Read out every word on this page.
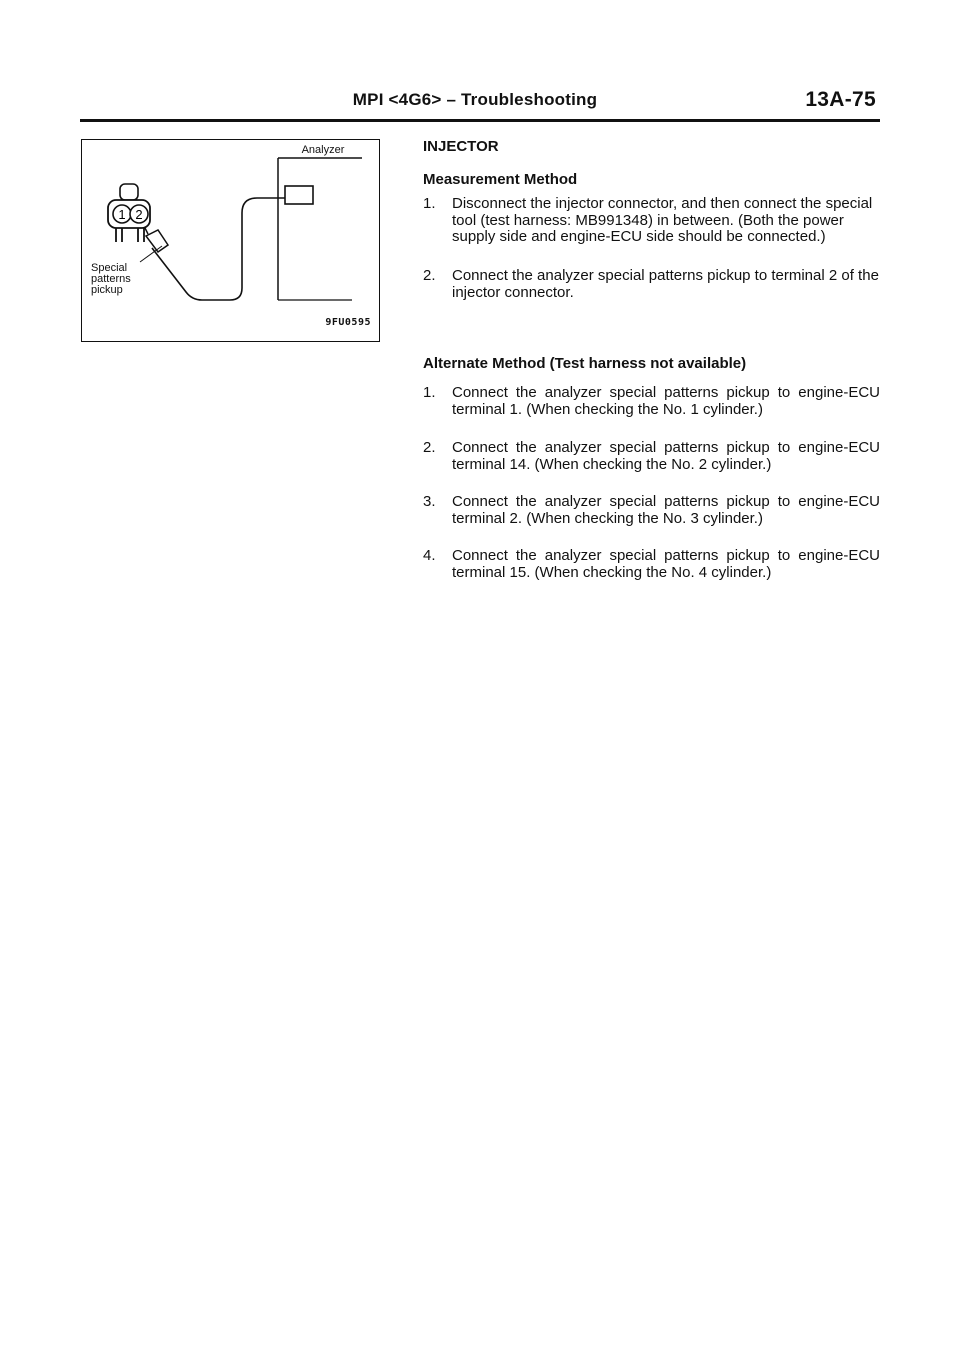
MPI <4G6> – Troubleshooting	13A-75
1 2
Analyzer
Special
patterns
pickup
9FU0595
INJECTOR
Measurement Method
1. Disconnect the injector connector, and then connect the special tool (test harness: MB991348) in between. (Both the power supply side and engine-ECU side should be connected.)
2. Connect the analyzer special patterns pickup to terminal 2 of the injector connector.
Alternate Method (Test harness not available)
1. Connect the analyzer special patterns pickup to engine-ECU terminal 1. (When checking the No. 1 cylinder.)
2. Connect the analyzer special patterns pickup to engine-ECU terminal 14. (When checking the No. 2 cylinder.)
3. Connect the analyzer special patterns pickup to engine-ECU terminal 2. (When checking the No. 3 cylinder.)
4. Connect the analyzer special patterns pickup to engine-ECU terminal 15. (When checking the No. 4 cylinder.)
